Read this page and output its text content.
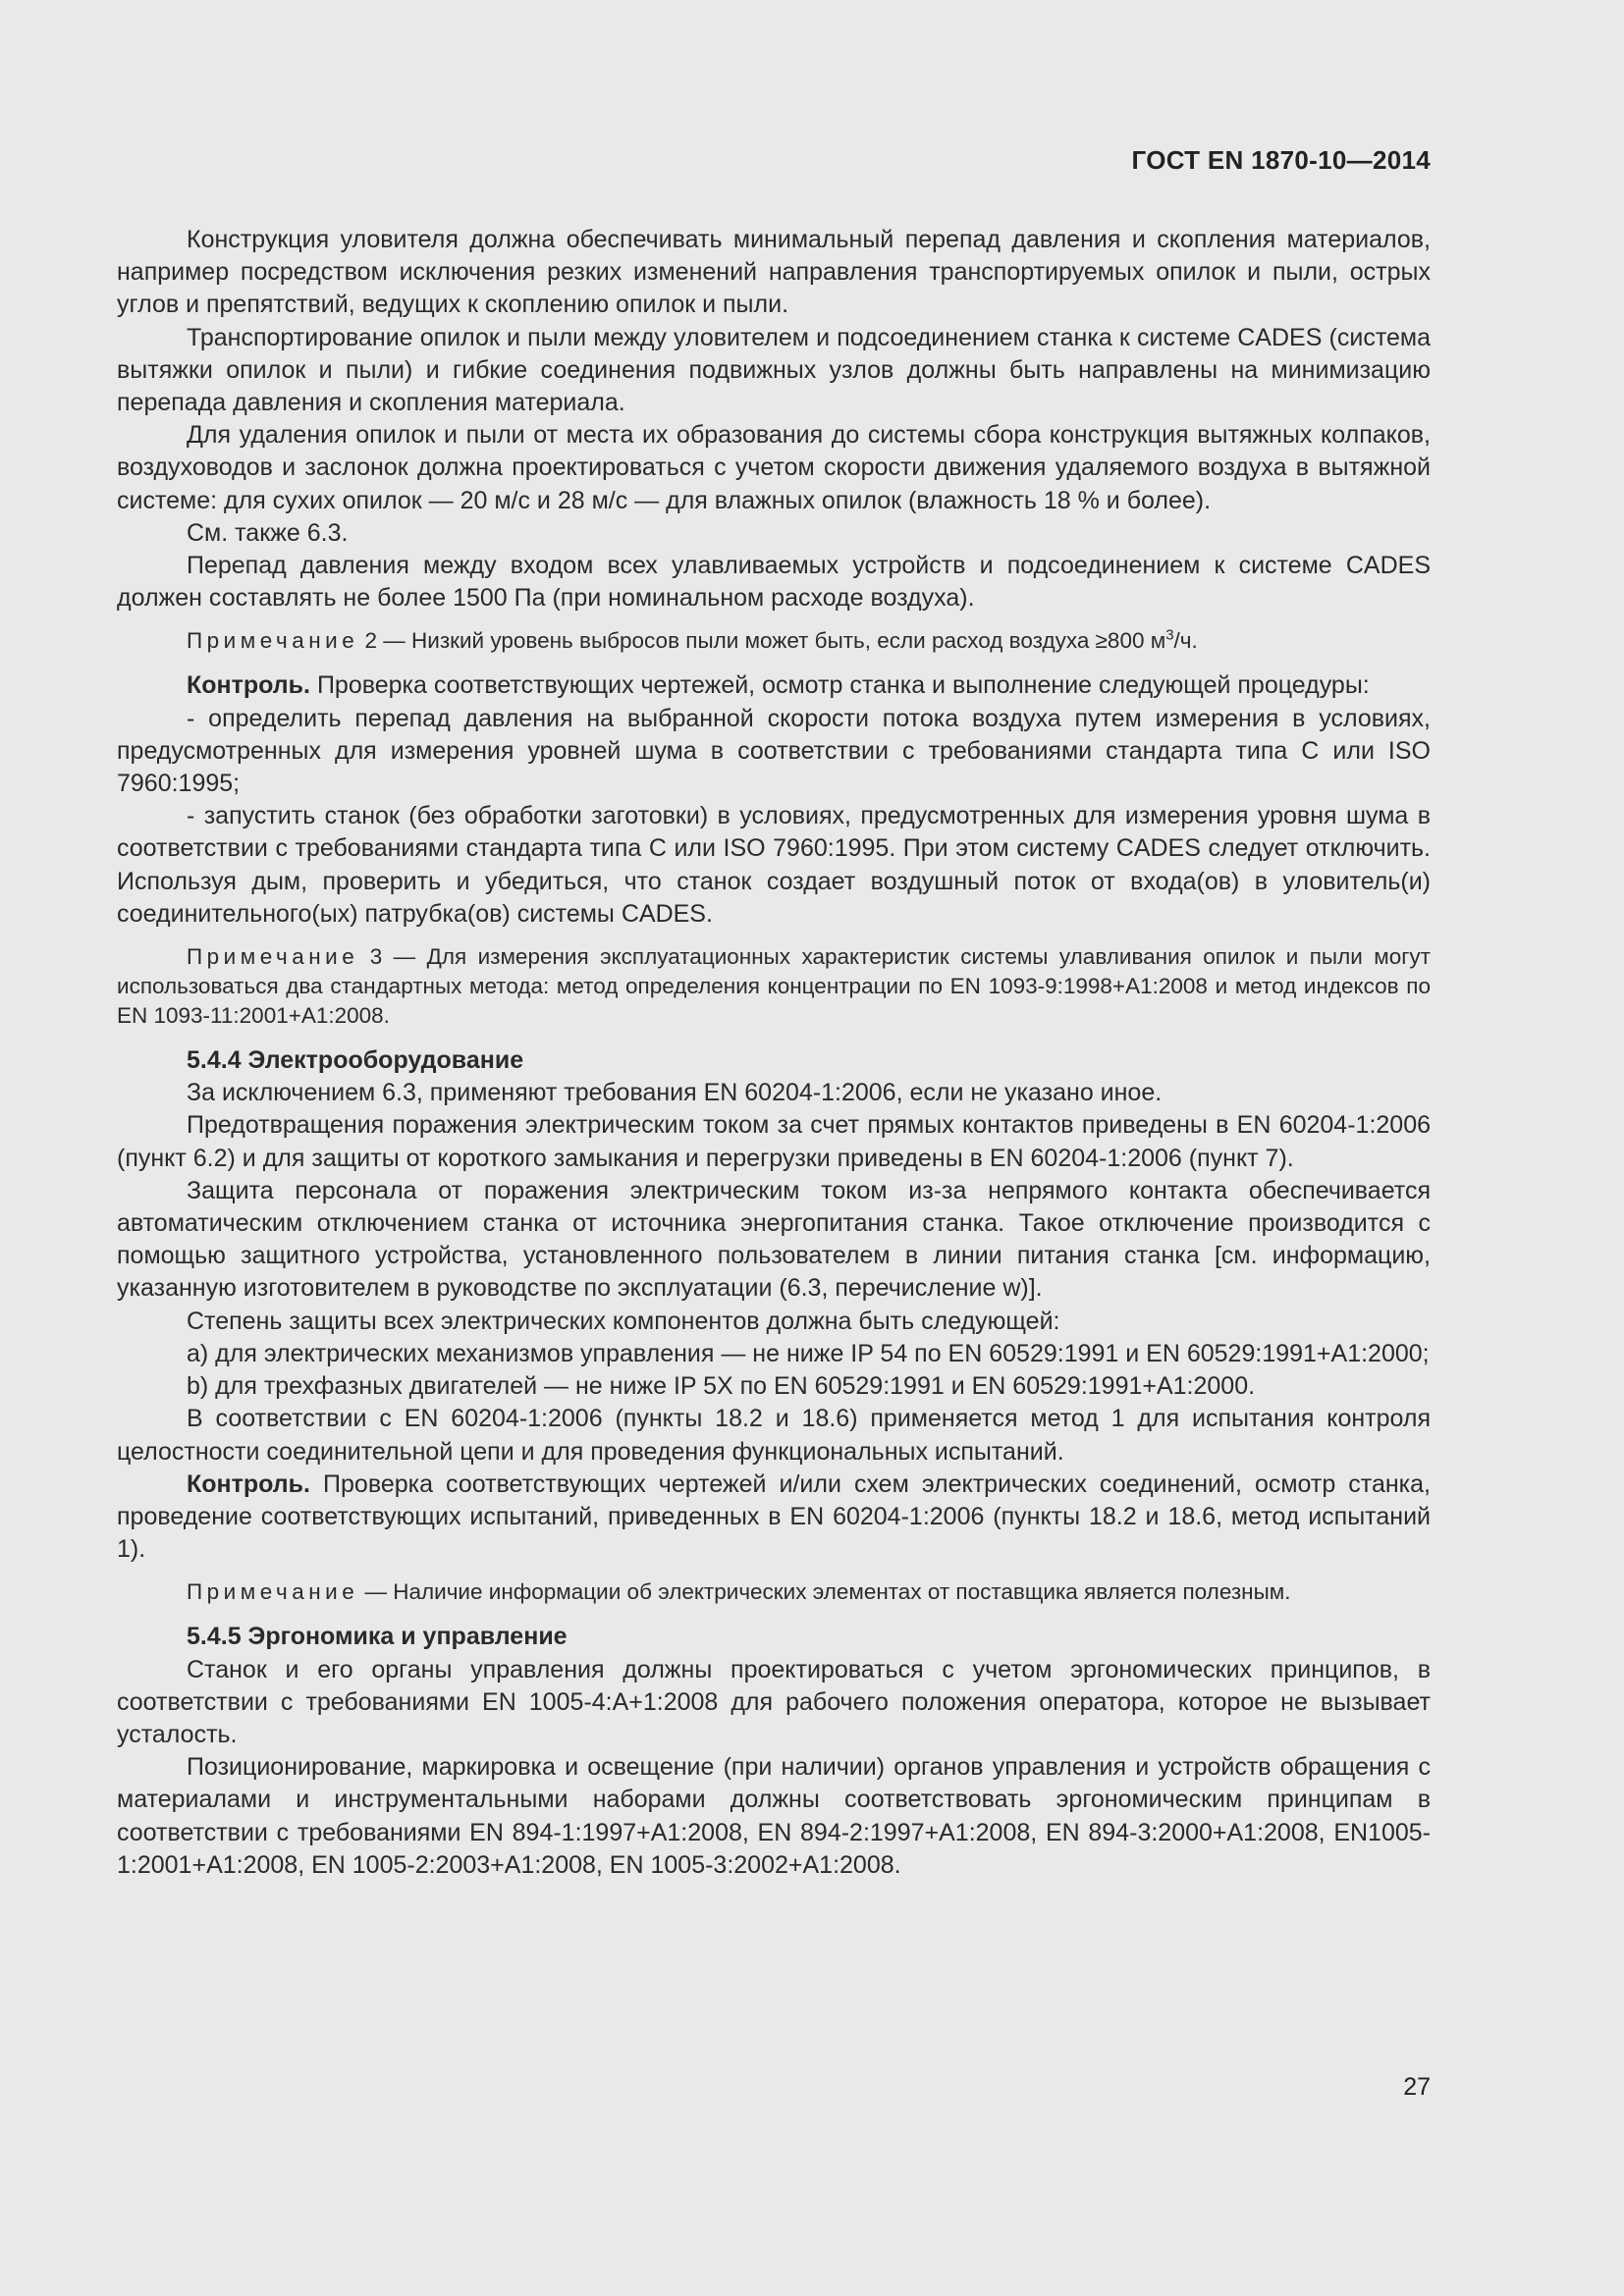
ГОСТ EN 1870-10—2014

Конструкция уловителя должна обеспечивать минимальный перепад давления и скопления материалов, например посредством исключения резких изменений направления транспортируемых опилок и пыли, острых углов и препятствий, ведущих к скоплению опилок и пыли.

Транспортирование опилок и пыли между уловителем и подсоединением станка к системе CADES (система вытяжки опилок и пыли) и гибкие соединения подвижных узлов должны быть направлены на минимизацию перепада давления и скопления материала.

Для удаления опилок и пыли от места их образования до системы сбора конструкция вытяжных колпаков, воздуховодов и заслонок должна проектироваться с учетом скорости движения удаляемого воздуха в вытяжной системе: для сухих опилок — 20 м/с и 28 м/с — для влажных опилок (влажность 18 % и более).

См. также 6.3.

Перепад давления между входом всех улавливаемых устройств и подсоединением к системе CADES должен составлять не более 1500 Па (при номинальном расходе воздуха).

Примечание 2 — Низкий уровень выбросов пыли может быть, если расход воздуха ≥800 $м^3/ч$.

Контроль. Проверка соответствующих чертежей, осмотр станка и выполнение следующей процедуры:

- определить перепад давления на выбранной скорости потока воздуха путем измерения в условиях, предусмотренных для измерения уровней шума в соответствии с требованиями стандарта типа С или ISO 7960:1995;

- запустить станок (без обработки заготовки) в условиях, предусмотренных для измерения уровня шума в соответствии с требованиями стандарта типа С или ISO 7960:1995. При этом систему CADES следует отключить. Используя дым, проверить и убедиться, что станок создает воздушный поток от входа(ов) в уловитель(и) соединительного(ых) патрубка(ов) системы CADES.

Примечание 3 — Для измерения эксплуатационных характеристик системы улавливания опилок и пыли могут использоваться два стандартных метода: метод определения концентрации по EN 1093-9:1998+A1:2008 и метод индексов по EN 1093-11:2001+A1:2008.

5.4.4 Электрооборудование

За исключением 6.3, применяют требования EN 60204-1:2006, если не указано иное.

Предотвращения поражения электрическим током за счет прямых контактов приведены в EN 60204-1:2006 (пункт 6.2) и для защиты от короткого замыкания и перегрузки приведены в EN 60204-1:2006 (пункт 7).

Защита персонала от поражения электрическим током из-за непрямого контакта обеспечивается автоматическим отключением станка от источника энергопитания станка. Такое отключение производится с помощью защитного устройства, установленного пользователем в линии питания станка [см. информацию, указанную изготовителем в руководстве по эксплуатации (6.3, перечисление w)].

Степень защиты всех электрических компонентов должна быть следующей:

a) для электрических механизмов управления — не ниже IP 54 по EN 60529:1991 и EN 60529:1991+A1:2000;

b) для трехфазных двигателей — не ниже IP 5X по EN 60529:1991 и EN 60529:1991+A1:2000.

В соответствии с EN 60204-1:2006 (пункты 18.2 и 18.6) применяется метод 1 для испытания контроля целостности соединительной цепи и для проведения функциональных испытаний.

Контроль. Проверка соответствующих чертежей и/или схем электрических соединений, осмотр станка, проведение соответствующих испытаний, приведенных в EN 60204-1:2006 (пункты 18.2 и 18.6, метод испытаний 1).

Примечание — Наличие информации об электрических элементах от поставщика является полезным.

5.4.5 Эргономика и управление

Станок и его органы управления должны проектироваться с учетом эргономических принципов, в соответствии с требованиями EN 1005-4:A+1:2008 для рабочего положения оператора, которое не вызывает усталость.

Позиционирование, маркировка и освещение (при наличии) органов управления и устройств обращения с материалами и инструментальными наборами должны соответствовать эргономическим принципам в соответствии с требованиями EN 894-1:1997+A1:2008, EN 894-2:1997+A1:2008, EN 894-3:2000+A1:2008, EN1005-1:2001+A1:2008, EN 1005-2:2003+A1:2008, EN 1005-3:2002+A1:2008.

27
